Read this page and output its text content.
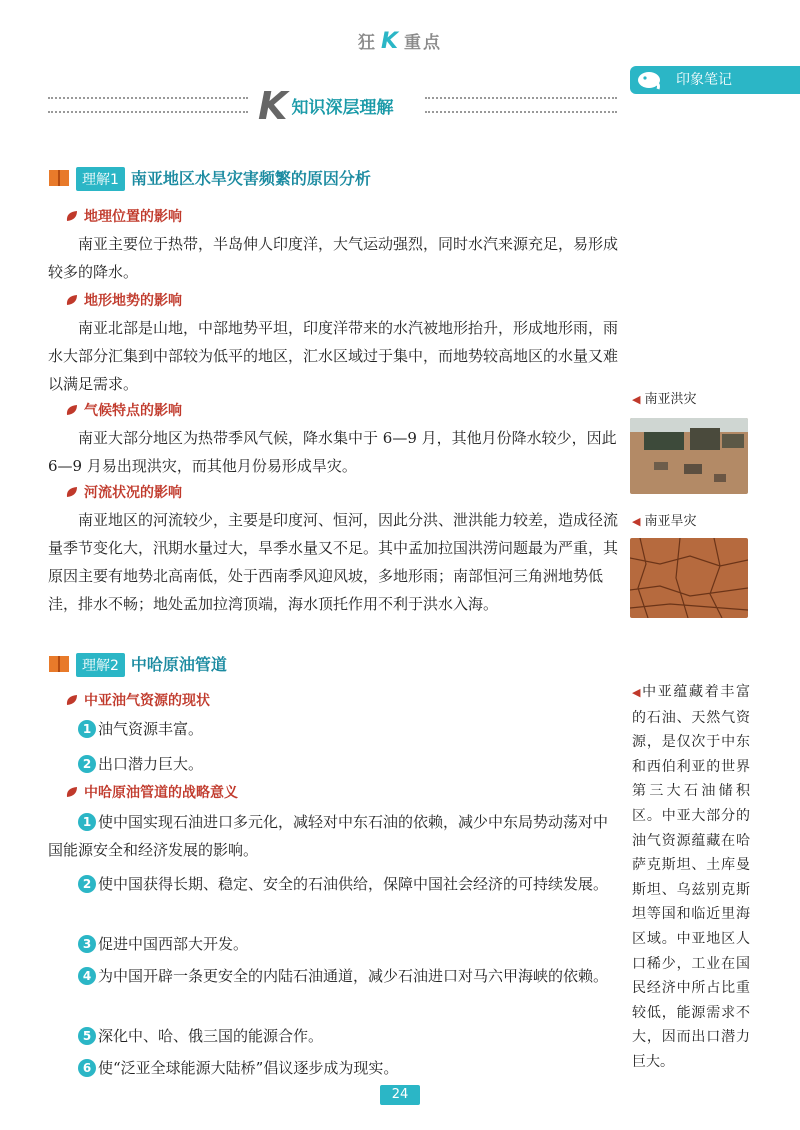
狂 K 重点
印象笔记
K知识深层理解
理解1 南亚地区水旱灾害频繁的原因分析
地理位置的影响
南亚主要位于热带，半岛伸人印度洋，大气运动强烈，同时水汽来源充足，易形成较多的降水。
地形地势的影响
南亚北部是山地，中部地势平坦，印度洋带来的水汽被地形抬升，形成地形雨，雨水大部分汇集到中部较为低平的地区，汇水区域过于集中，而地势较高地区的水量又难以满足需求。
气候特点的影响
南亚大部分地区为热带季风气候，降水集中于 6—9 月，其他月份降水较少，因此 6—9 月易出现洪灾，而其他月份易形成旱灾。
河流状况的影响
南亚地区的河流较少，主要是印度河、恒河，因此分洪、泄洪能力较差，造成径流量季节变化大，汛期水量过大，旱季水量又不足。其中孟加拉国洪涝问题最为严重，其原因主要有地势北高南低，处于西南季风迎风坡，多地形雨；南部恒河三角洲地势低洼，排水不畅；地处孟加拉湾顶端，海水顶托作用不利于洪水入海。
理解2 中哈原油管道
中亚油气资源的现状
1 油气资源丰富。
2 出口潜力巨大。
中哈原油管道的战略意义
1 使中国实现石油进口多元化，减轻对中东石油的依赖，减少中东局势动荡对中国能源安全和经济发展的影响。
2 使中国获得长期、稳定、安全的石油供给，保障中国社会经济的可持续发展。
3 促进中国西部大开发。
4 为中国开辟一条更安全的内陆石油通道，减少石油进口对马六甲海峡的依赖。
5 深化中、哈、俄三国的能源合作。
6 使“泛亚全球能源大陆桥”倡议逐步成为现实。
◀ 南亚洪灾
◀ 南亚旱灾
◀中亚蕴藏着丰富的石油、天然气资源，是仅次于中东和西伯利亚的世界第三大石油储积区。中亚大部分的油气资源蕴藏在哈萨克斯坦、土库曼斯坦、乌兹别克斯坦等国和临近里海区域。中亚地区人口稀少，工业在国民经济中所占比重较低，能源需求不大，因而出口潜力巨大。
24
